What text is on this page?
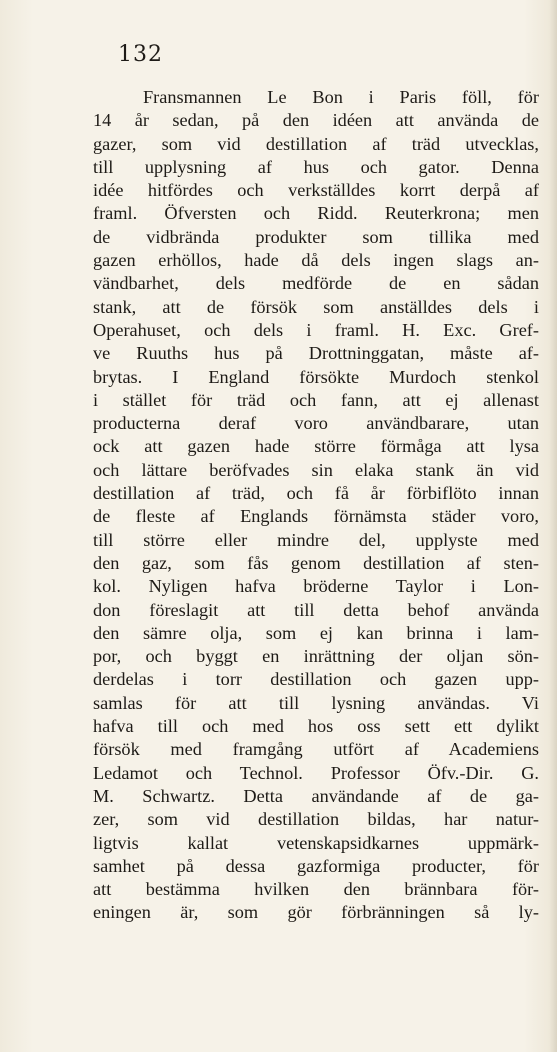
132
Fransmannen Le Bon i Paris föll, för
14 år sedan, på den idéen att använda de
gazer, som vid destillation af träd utvecklas,
till upplysning af hus och gator. Denna
idée hitfördes och verkställdes korrt derpå af
framl. Öfversten och Ridd. Reuterkrona; men
de vidbrända produkter som tillika med
gazen erhöllos, hade då dels ingen slags an-
vändbarhet, dels medförde de en sådan
stank, att de försök som anställdes dels i
Operahuset, och dels i framl. H. Exc. Gref-
ve Ruuths hus på Drottninggatan, måste af-
brytas. I England försökte Murdoch stenkol
i stället för träd och fann, att ej allenast
producterna deraf voro användbarare, utan
ock att gazen hade större förmåga att lysa
och lättare beröfvades sin elaka stank än vid
destillation af träd, och få år förbiflöto innan
de fleste af Englands förnämsta städer voro,
till större eller mindre del, upplyste med
den gaz, som fås genom destillation af sten-
kol. Nyligen hafva bröderne Taylor i Lon-
don föreslagit att till detta behof använda
den sämre olja, som ej kan brinna i lam-
por, och byggt en inrättning der oljan sön-
derdelas i torr destillation och gazen upp-
samlas för att till lysning användas. Vi
hafva till och med hos oss sett ett dylikt
försök med framgång utfört af Academiens
Ledamot och Technol. Professor Öfv.-Dir. G.
M. Schwartz. Detta användande af de ga-
zer, som vid destillation bildas, har natur-
ligtvis kallat vetenskapsidkarnes uppmärk-
samhet på dessa gazformiga producter, för
att bestämma hvilken den brännbara för-
eningen är, som gör förbränningen så ly-
